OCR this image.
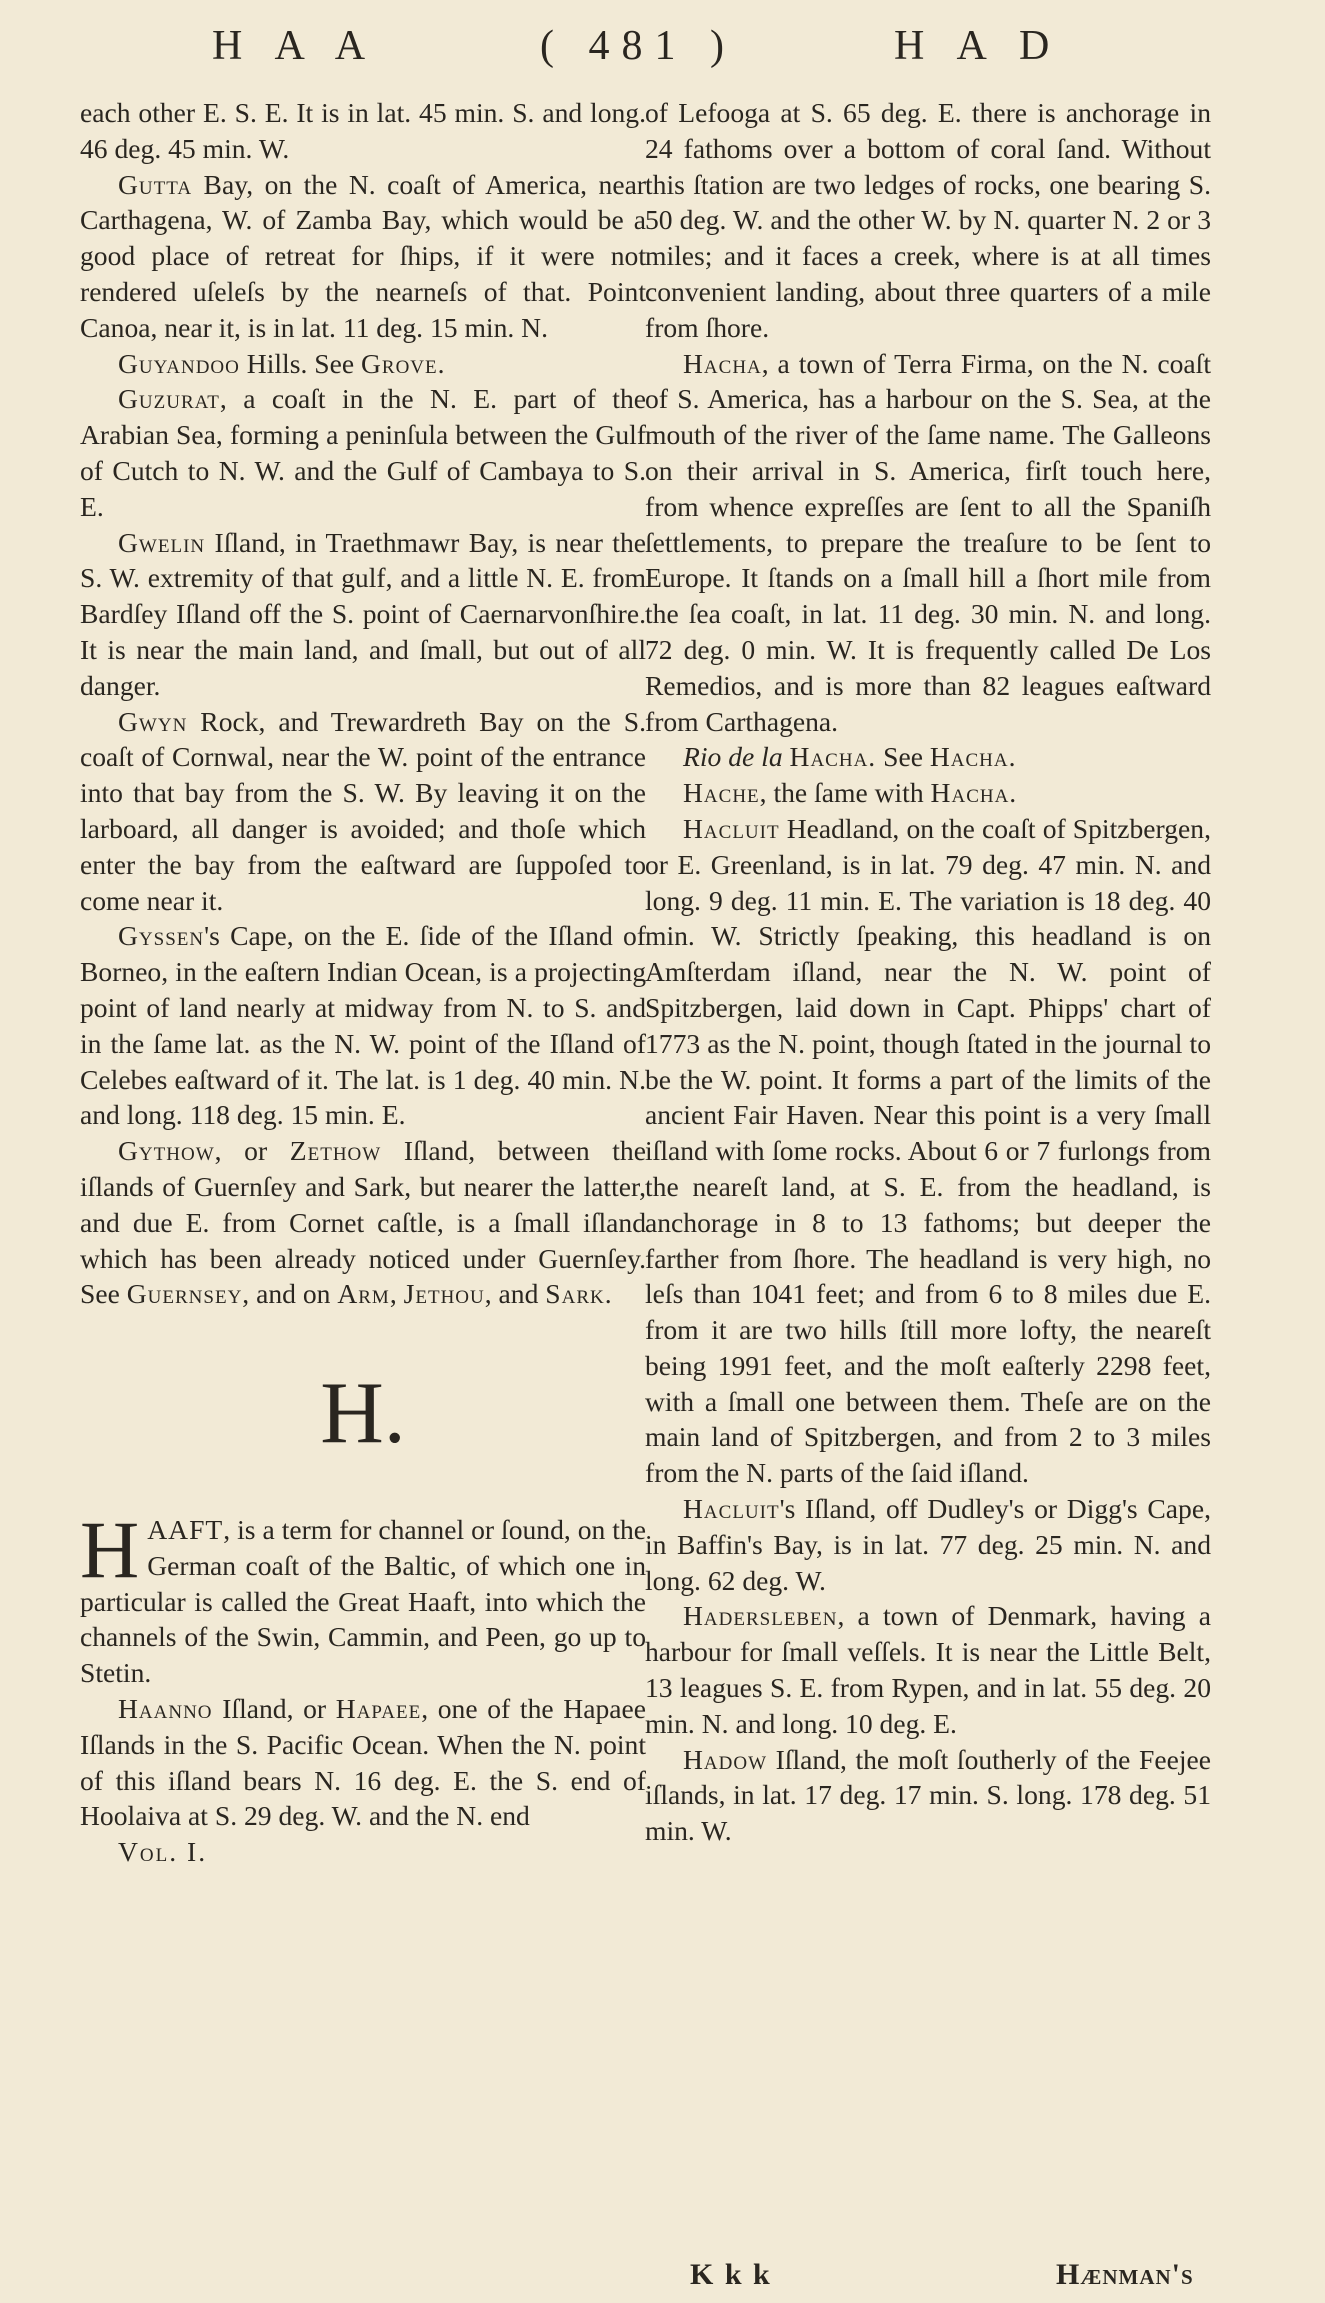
H A A	( 481 )	H A D

each other E. S. E. It is in lat. 45 min. S. and long. 46 deg. 45 min. W.

Gutta Bay, on the N. coaſt of America, near Carthagena, W. of Zamba Bay, which would be a good place of retreat for ſhips, if it were not rendered uſeleſs by the nearneſs of that. Point Canoa, near it, is in lat. 11 deg. 15 min. N.

Guyandoo Hills. See Grove.

Guzurat, a coaſt in the N. E. part of the Arabian Sea, forming a peninſula between the Gulf of Cutch to N. W. and the Gulf of Cambaya to S. E.

Gwelin Iſland, in Traethmawr Bay, is near the S. W. extremity of that gulf, and a little N. E. from Bardſey Iſland off the S. point of Caernarvonſhire. It is near the main land, and ſmall, but out of all danger.

Gwyn Rock, and Trewardreth Bay on the S. coaſt of Cornwal, near the W. point of the entrance into that bay from the S. W. By leaving it on the larboard, all danger is avoided; and thoſe which enter the bay from the eaſtward are ſuppoſed to come near it.

Gyssen's Cape, on the E. ſide of the Iſland of Borneo, in the eaſtern Indian Ocean, is a projecting point of land nearly at midway from N. to S. and in the ſame lat. as the N. W. point of the Iſland of Celebes eaſtward of it. The lat. is 1 deg. 40 min. N. and long. 118 deg. 15 min. E.

Gythow, or Zethow Iſland, between the iſlands of Guernſey and Sark, but nearer the latter, and due E. from Cornet caſtle, is a ſmall iſland which has been already noticed under Guernſey. See Guernsey, and on Arm, Jethou, and Sark.

H.

HAAFT, is a term for channel or ſound, on the German coaſt of the Baltic, of which one in particular is called the Great Haaft, into which the channels of the Swin, Cammin, and Peen, go up to Stetin.

Haanno Iſland, or Hapaee, one of the Hapaee Iſlands in the S. Pacific Ocean. When the N. point of this iſland bears N. 16 deg. E. the S. end of Hoolaiva at S. 29 deg. W. and the N. end

Vol. I.

of Lefooga at S. 65 deg. E. there is anchorage in 24 fathoms over a bottom of coral ſand. Without this ſtation are two ledges of rocks, one bearing S. 50 deg. W. and the other W. by N. quarter N. 2 or 3 miles; and it faces a creek, where is at all times convenient landing, about three quarters of a mile from ſhore.

Hacha, a town of Terra Firma, on the N. coaſt of S. America, has a harbour on the S. Sea, at the mouth of the river of the ſame name. The Galleons on their arrival in S. America, firſt touch here, from whence expreſſes are ſent to all the Spaniſh ſettlements, to prepare the treaſure to be ſent to Europe. It ſtands on a ſmall hill a ſhort mile from the ſea coaſt, in lat. 11 deg. 30 min. N. and long. 72 deg. 0 min. W. It is frequently called De Los Remedios, and is more than 82 leagues eaſtward from Carthagena.

Rio de la Hacha. See Hacha.

Hache, the ſame with Hacha.

Hacluit Headland, on the coaſt of Spitzbergen, or E. Greenland, is in lat. 79 deg. 47 min. N. and long. 9 deg. 11 min. E. The variation is 18 deg. 40 min. W. Strictly ſpeaking, this headland is on Amſterdam iſland, near the N. W. point of Spitzbergen, laid down in Capt. Phipps' chart of 1773 as the N. point, though ſtated in the journal to be the W. point. It forms a part of the limits of the ancient Fair Haven. Near this point is a very ſmall iſland with ſome rocks. About 6 or 7 furlongs from the neareſt land, at S. E. from the headland, is anchorage in 8 to 13 fathoms; but deeper the farther from ſhore. The headland is very high, no leſs than 1041 feet; and from 6 to 8 miles due E. from it are two hills ſtill more lofty, the neareſt being 1991 feet, and the moſt eaſterly 2298 feet, with a ſmall one between them. Theſe are on the main land of Spitzbergen, and from 2 to 3 miles from the N. parts of the ſaid iſland.

Hacluit's Iſland, off Dudley's or Digg's Cape, in Baffin's Bay, is in lat. 77 deg. 25 min. N. and long. 62 deg. W.

Hadersleben, a town of Denmark, having a harbour for ſmall veſſels. It is near the Little Belt, 13 leagues S. E. from Rypen, and in lat. 55 deg. 20 min. N. and long. 10 deg. E.

Hadow Iſland, the moſt ſoutherly of the Feejee iſlands, in lat. 17 deg. 17 min. S. long. 178 deg. 51 min. W.

K k k	Hænman's
